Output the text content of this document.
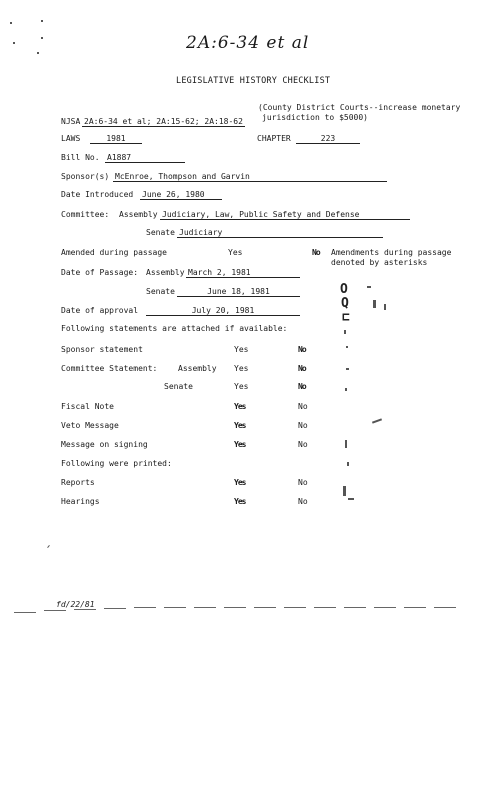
2A:6-34 et al
LEGISLATIVE HISTORY CHECKLIST
(County District Courts--increase monetary
jurisdiction to $5000)
NJSA 2A:6-34 et al; 2A:15-62; 2A:18-62
LAWS	1981	CHAPTER	223
Bill No. A1887
Sponsor(s) McEnroe, Thompson and Garvin
Date Introduced June 26, 1980
Committee: Assembly Judiciary, Law, Public Safety and Defense
Senate Judiciary
Amended during passage	Yes	No Amendments during passage
denoted by asterisks
Date of Passage: Assembly March 2, 1981
Senate	June 18, 1981
Date of approval	July 20, 1981
Following statements are attached if available:
Sponsor statement	Yes	No
Committee Statement:	Assembly Yes	No
Senate	Yes	No
Fiscal Note	Yes	No
Veto Message	Yes	No
Message on signing	Yes	No
Following were printed:
Reports	Yes	No
Hearings	Yes	No
fd/22/81
O
Q
⊏
